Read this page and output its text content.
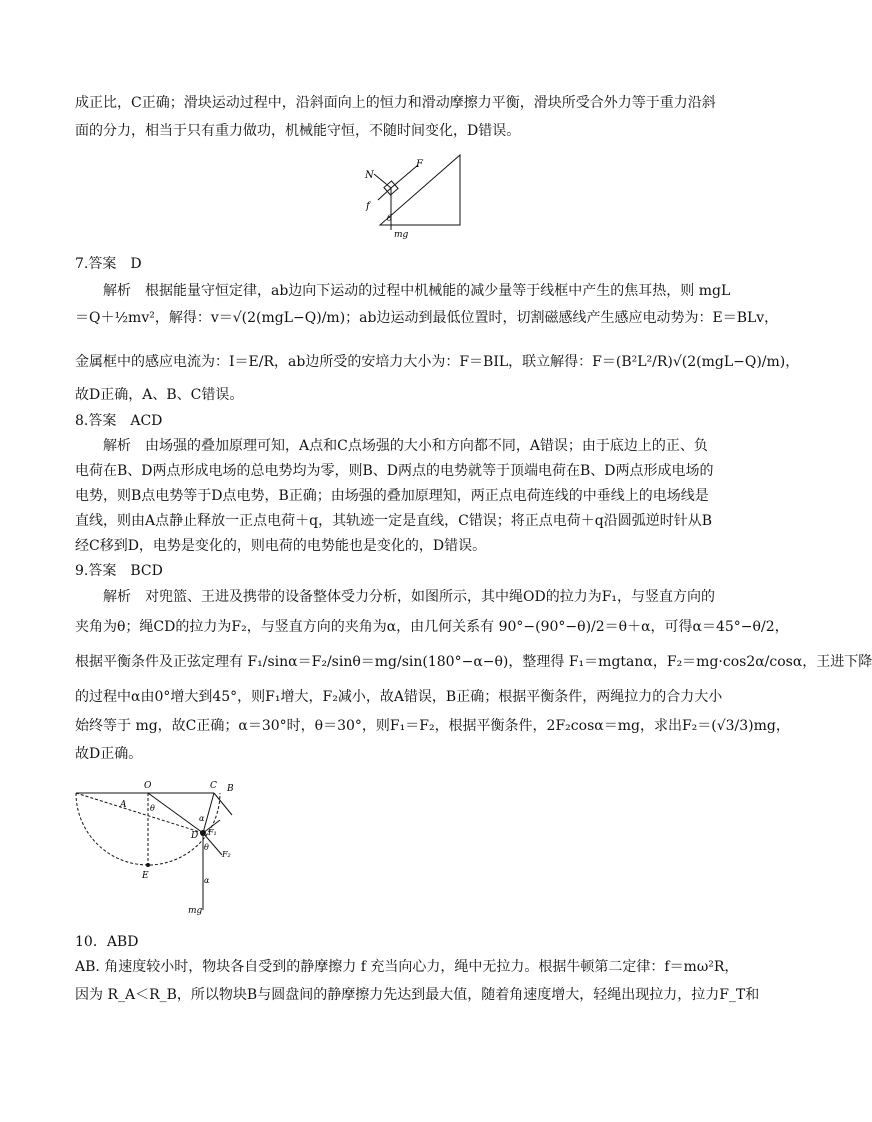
成正比，C正确；滑块运动过程中，沿斜面向上的恒力和滑动摩擦力平衡，滑块所受合外力等于重力沿斜
面的分力，相当于只有重力做功，机械能守恒，不随时间变化，D错误。
N
F
f
θ
mg
7.答案　D
解析　根据能量守恒定律，ab边向下运动的过程中机械能的减少量等于线框中产生的焦耳热，则 mgL
＝Q＋½mv²，解得：v＝√(2(mgL−Q)/m)；ab边运动到最低位置时，切割磁感线产生感应电动势为：E＝BLv，
金属框中的感应电流为：I＝E/R，ab边所受的安培力大小为：F＝BIL，联立解得：F＝(B²L²/R)√(2(mgL−Q)/m)，
故D正确，A、B、C错误。
8.答案　ACD
解析　由场强的叠加原理可知，A点和C点场强的大小和方向都不同，A错误；由于底边上的正、负
电荷在B、D两点形成电场的总电势均为零，则B、D两点的电势就等于顶端电荷在B、D两点形成电场的
电势，则B点电势等于D点电势，B正确；由场强的叠加原理知，两正点电荷连线的中垂线上的电场线是
直线，则由A点静止释放一正点电荷＋q，其轨迹一定是直线，C错误；将正点电荷＋q沿圆弧逆时针从B
经C移到D，电势是变化的，则电荷的电势能也是变化的，D错误。
9.答案　BCD
解析　对兜篮、王进及携带的设备整体受力分析，如图所示，其中绳OD的拉力为F₁，与竖直方向的
夹角为θ；绳CD的拉力为F₂，与竖直方向的夹角为α，由几何关系有 90°−(90°−θ)/2＝θ＋α，可得α＝45°−θ/2，
根据平衡条件及正弦定理有 F₁/sinα＝F₂/sinθ＝mg/sin(180°−α−θ)，整理得 F₁＝mgtanα，F₂＝mg·cos2α/cosα，王进下降
的过程中α由0°增大到45°，则F₁增大，F₂减小，故A错误，B正确；根据平衡条件，两绳拉力的合力大小
始终等于 mg，故C正确；α＝30°时，θ＝30°，则F₁＝F₂，根据平衡条件，2F₂cosα＝mg，求出F₂＝(√3/3)mg，
故D正确。
O	C B
A
D
E
F₁
F₂
θ
θ
α
α
mg
10．ABD
AB. 角速度较小时，物块各自受到的静摩擦力 f 充当向心力，绳中无拉力。根据牛顿第二定律：f＝mω²R，
因为 R_A＜R_B，所以物块B与圆盘间的静摩擦力先达到最大值，随着角速度增大，轻绳出现拉力，拉力F_T和
